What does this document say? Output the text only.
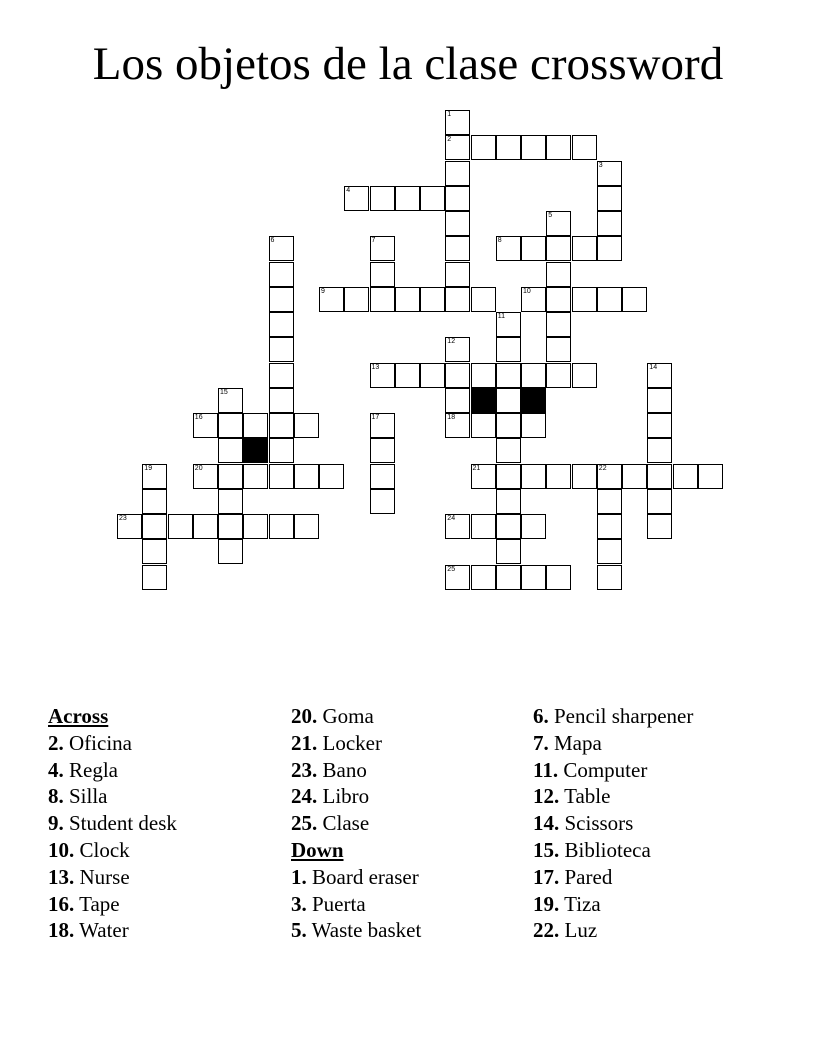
Los objetos de la clase crossword
2
4
8
9	10
13
16	18
20	21	22
23	24
25
1
3
5
6	7
11
12
14
15
17
19
Across
2. Oficina
4. Regla
8. Silla
9. Student desk
10. Clock
13. Nurse
16. Tape
18. Water
20. Goma
21. Locker
23. Bano
24. Libro
25. Clase
Down
1. Board eraser
3. Puerta
5. Waste basket
6. Pencil sharpener
7. Mapa
11. Computer
12. Table
14. Scissors
15. Biblioteca
17. Pared
19. Tiza
22. Luz
